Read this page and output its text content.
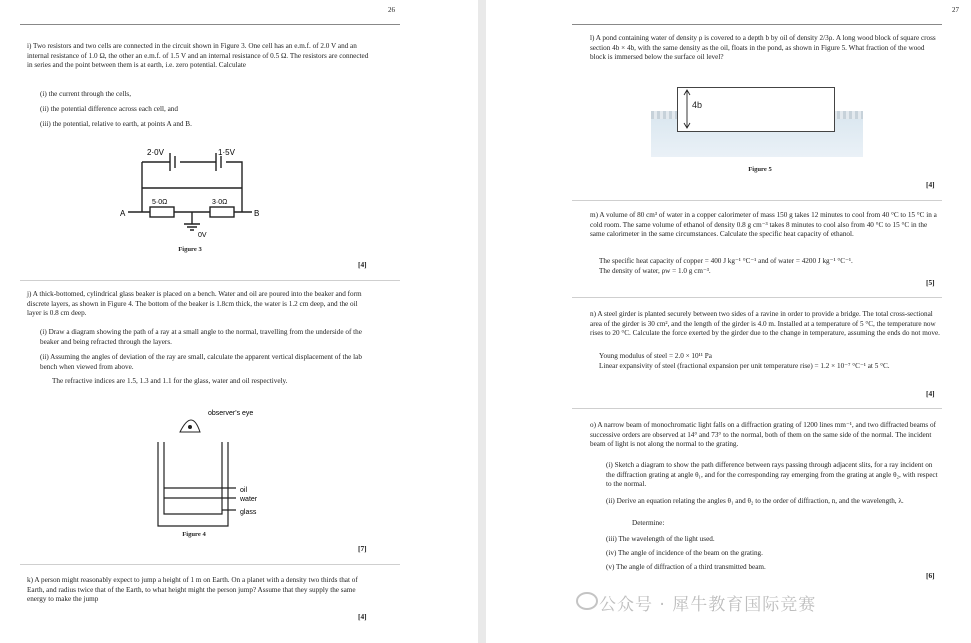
26
i) Two resistors and two cells are connected in the circuit shown in Figure 3. One cell has an e.m.f. of 2.0 V and an internal resistance of 1.0 Ω, the other an e.m.f. of 1.5 V and an internal resistance of 0.5 Ω. The resistors are connected in series and the point between them is at earth, i.e. zero potential. Calculate
(i) the current through the cells,
(ii) the potential difference across each cell, and
(iii) the potential, relative to earth, at points A and B.
2·0V	1·5V
5·0Ω	3·0Ω
A	B
0V
Figure 3
[4]
j) A thick-bottomed, cylindrical glass beaker is placed on a bench. Water and oil are poured into the beaker and form discrete layers, as shown in Figure 4. The bottom of the beaker is 1.8cm thick, the water is 1.2 cm deep, and the oil layer is 0.8 cm deep.
(i) Draw a diagram showing the path of a ray at a small angle to the normal, travelling from the underside of the beaker and being refracted through the layers.
(ii) Assuming the angles of deviation of the ray are small, calculate the apparent vertical displacement of the lab bench when viewed from above.
The refractive indices are 1.5, 1.3 and 1.1 for the glass, water and oil respectively.
observer's eye
oil
water
glass
Figure 4
[7]
k) A person might reasonably expect to jump a height of 1 m on Earth. On a planet with a density two thirds that of Earth, and radius twice that of the Earth, to what height might the person jump? Assume that they supply the same energy to make the jump
[4]
27
l) A pond containing water of density ρ is covered to a depth b by oil of density 2/3ρ. A long wood block of square cross section 4b × 4b, with the same density as the oil, floats in the pond, as shown in Figure 5. What fraction of the wood block is immersed below the surface oil level?
4b
Figure 5
[4]
m) A volume of 80 cm³ of water in a copper calorimeter of mass 150 g takes 12 minutes to cool from 40 °C to 15 °C in a cold room. The same volume of ethanol of density 0.8 g cm⁻³ takes 8 minutes to cool also from 40 °C to 15 °C in the same calorimeter in the same circumstances. Calculate the specific heat capacity of ethanol.
The specific heat capacity of copper = 400 J kg⁻¹ °C⁻¹ and of water = 4200 J kg⁻¹ °C⁻¹.
The density of water, ρw = 1.0 g cm⁻³.
[5]
n) A steel girder is planted securely between two sides of a ravine in order to provide a bridge. The total cross-sectional area of the girder is 30 cm², and the length of the girder is 4.0 m. Installed at a temperature of 5 °C, the temperature now rises to 20 °C. Calculate the force exerted by the girder due to the change in temperature, assuming the ends do not move.
Young modulus of steel = 2.0 × 10¹¹ Pa
Linear expansivity of steel (fractional expansion per unit temperature rise) = 1.2 × 10⁻⁷ °C⁻¹ at 5 °C.
[4]
o) A narrow beam of monochromatic light falls on a diffraction grating of 1200 lines mm⁻¹, and two diffracted beams of successive orders are observed at 14° and 73° to the normal, both of them on the same side of the normal. The incident beam of light is not along the normal to the grating.
(i) Sketch a diagram to show the path difference between rays passing through adjacent slits, for a ray incident on the diffraction grating at angle θ₁, and for the corresponding ray emerging from the grating at angle θ₂, with respect to the normal.
(ii) Derive an equation relating the angles θ₁ and θ₂ to the order of diffraction, n, and the wavelength, λ.
Determine:
(iii) The wavelength of the light used.
(iv) The angle of incidence of the beam on the grating.
(v) The angle of diffraction of a third transmitted beam.
[6]
公众号 · 犀牛教育国际竞赛
